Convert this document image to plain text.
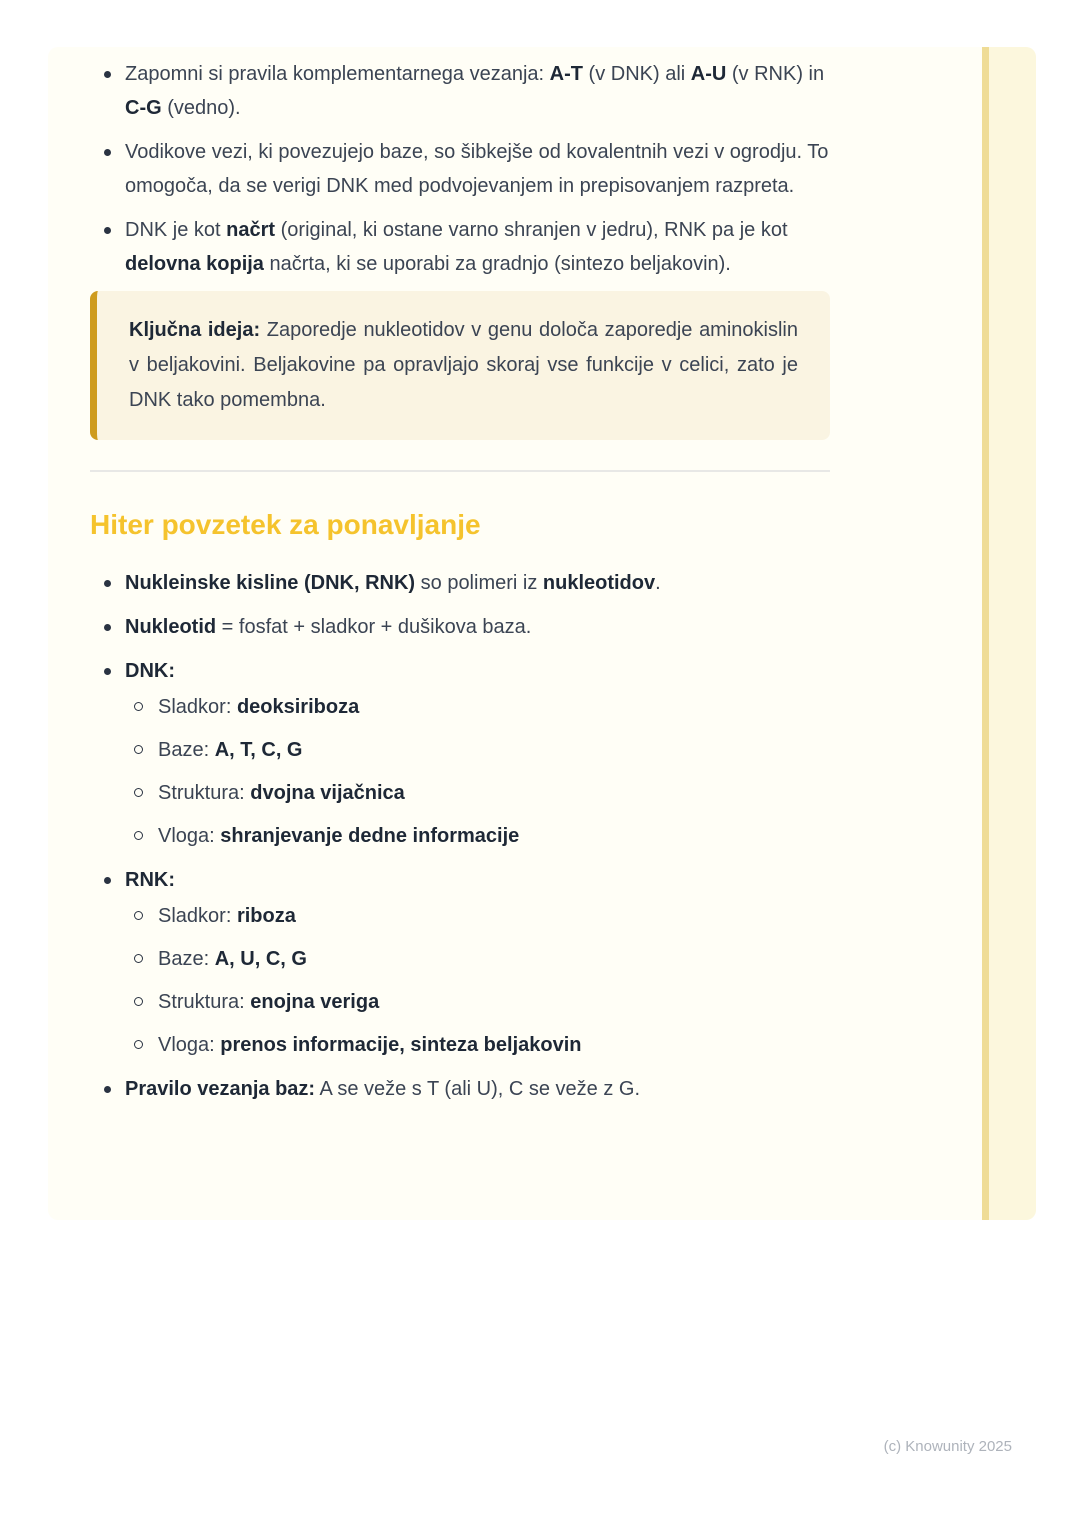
Zapomni si pravila komplementarnega vezanja: A-T (v DNK) ali A-U (v RNK) in C-G (vedno).
Vodikove vezi, ki povezujejo baze, so šibkejše od kovalentnih vezi v ogrodju. To omogoča, da se verigi DNK med podvojevanjem in prepisovanjem razpreta.
DNK je kot načrt (original, ki ostane varno shranjen v jedru), RNK pa je kot delovna kopija načrta, ki se uporabi za gradnjo (sintezo beljakovin).

Ključna ideja: Zaporedje nukleotidov v genu določa zaporedje aminokislin v beljakovini. Beljakovine pa opravljajo skoraj vse funkcije v celici, zato je DNK tako pomembna.

Hiter povzetek za ponavljanje
Nukleinske kisline (DNK, RNK) so polimeri iz nukleotidov.
Nukleotid = fosfat + sladkor + dušikova baza.
DNK:
Sladkor: deoksiriboza
Baze: A, T, C, G
Struktura: dvojna vijačnica
Vloga: shranjevanje dedne informacije
RNK:
Sladkor: riboza
Baze: A, U, C, G
Struktura: enojna veriga
Vloga: prenos informacije, sinteza beljakovin
Pravilo vezanja baz: A se veže s T (ali U), C se veže z G.
(c) Knowunity 2025
